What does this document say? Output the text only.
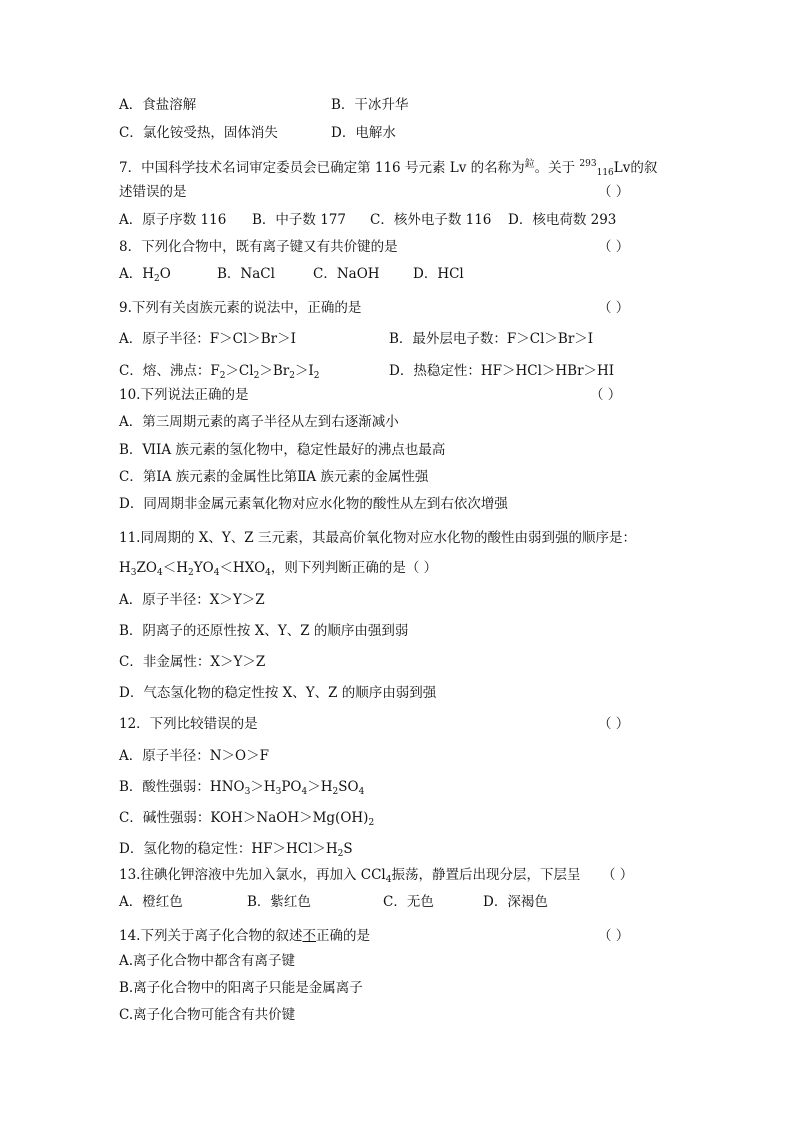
A．食盐溶解	B．干冰升华
C．氯化铵受热，固体消失	D．电解水
7．中国科学技术名词审定委员会已确定第 116 号元素 Lv 的名称为$^鉝$。关于 $^{293}_{116}$Lv的叙
述错误的是	（ ）
A．原子序数 116 B．中子数 177 C．核外电子数 116 D．核电荷数 293
8．下列化合物中，既有离子键又有共价键的是	（ ）
A．$H_2O$	B．NaCl	C．NaOH D．HCl
9.下列有关卤族元素的说法中，正确的是	（ ）
A．原子半径：F＞Cl＞Br＞I	B．最外层电子数：F＞Cl＞Br＞I
C．熔、沸点：$F_2>Cl_2>Br_2>I_2$	D．热稳定性：HF＞HCl＞HBr＞HI
10.下列说法正确的是	（ ）
A．第三周期元素的离子半径从左到右逐渐减小
B．ⅥⅠA 族元素的氢化物中，稳定性最好的沸点也最高
C．第ⅠA 族元素的金属性比第ⅡA 族元素的金属性强
D．同周期非金属元素氧化物对应水化物的酸性从左到右依次增强
11.同周期的 X、Y、Z 三元素，其最高价氧化物对应水化物的酸性由弱到强的顺序是：
$H_3ZO_4<H_2YO_4<HXO_4$，则下列判断正确的是（ ）
A．原子半径：X＞Y＞Z
B．阴离子的还原性按 X、Y、Z 的顺序由强到弱
C．非金属性：X＞Y＞Z
D．气态氢化物的稳定性按 X、Y、Z 的顺序由弱到强
12．下列比较错误的是	（ ）
A．原子半径：N＞O＞F
B．酸性强弱：$HNO_3>H_3PO_4>H_2SO_4$
C．碱性强弱：$KOH>NaOH>Mg(OH)_2$
D．氢化物的稳定性：$HF>HCl>H_2S$
13.往碘化钾溶液中先加入氯水，再加入 CCl$_4$振荡，静置后出现分层，下层呈 （ ）
A．橙红色	B．紫红色	C．无色	D．深褐色
14.下列关于离子化合物的叙述不正确的是	（ ）
A.离子化合物中都含有离子键
B.离子化合物中的阳离子只能是金属离子
C.离子化合物可能含有共价键
